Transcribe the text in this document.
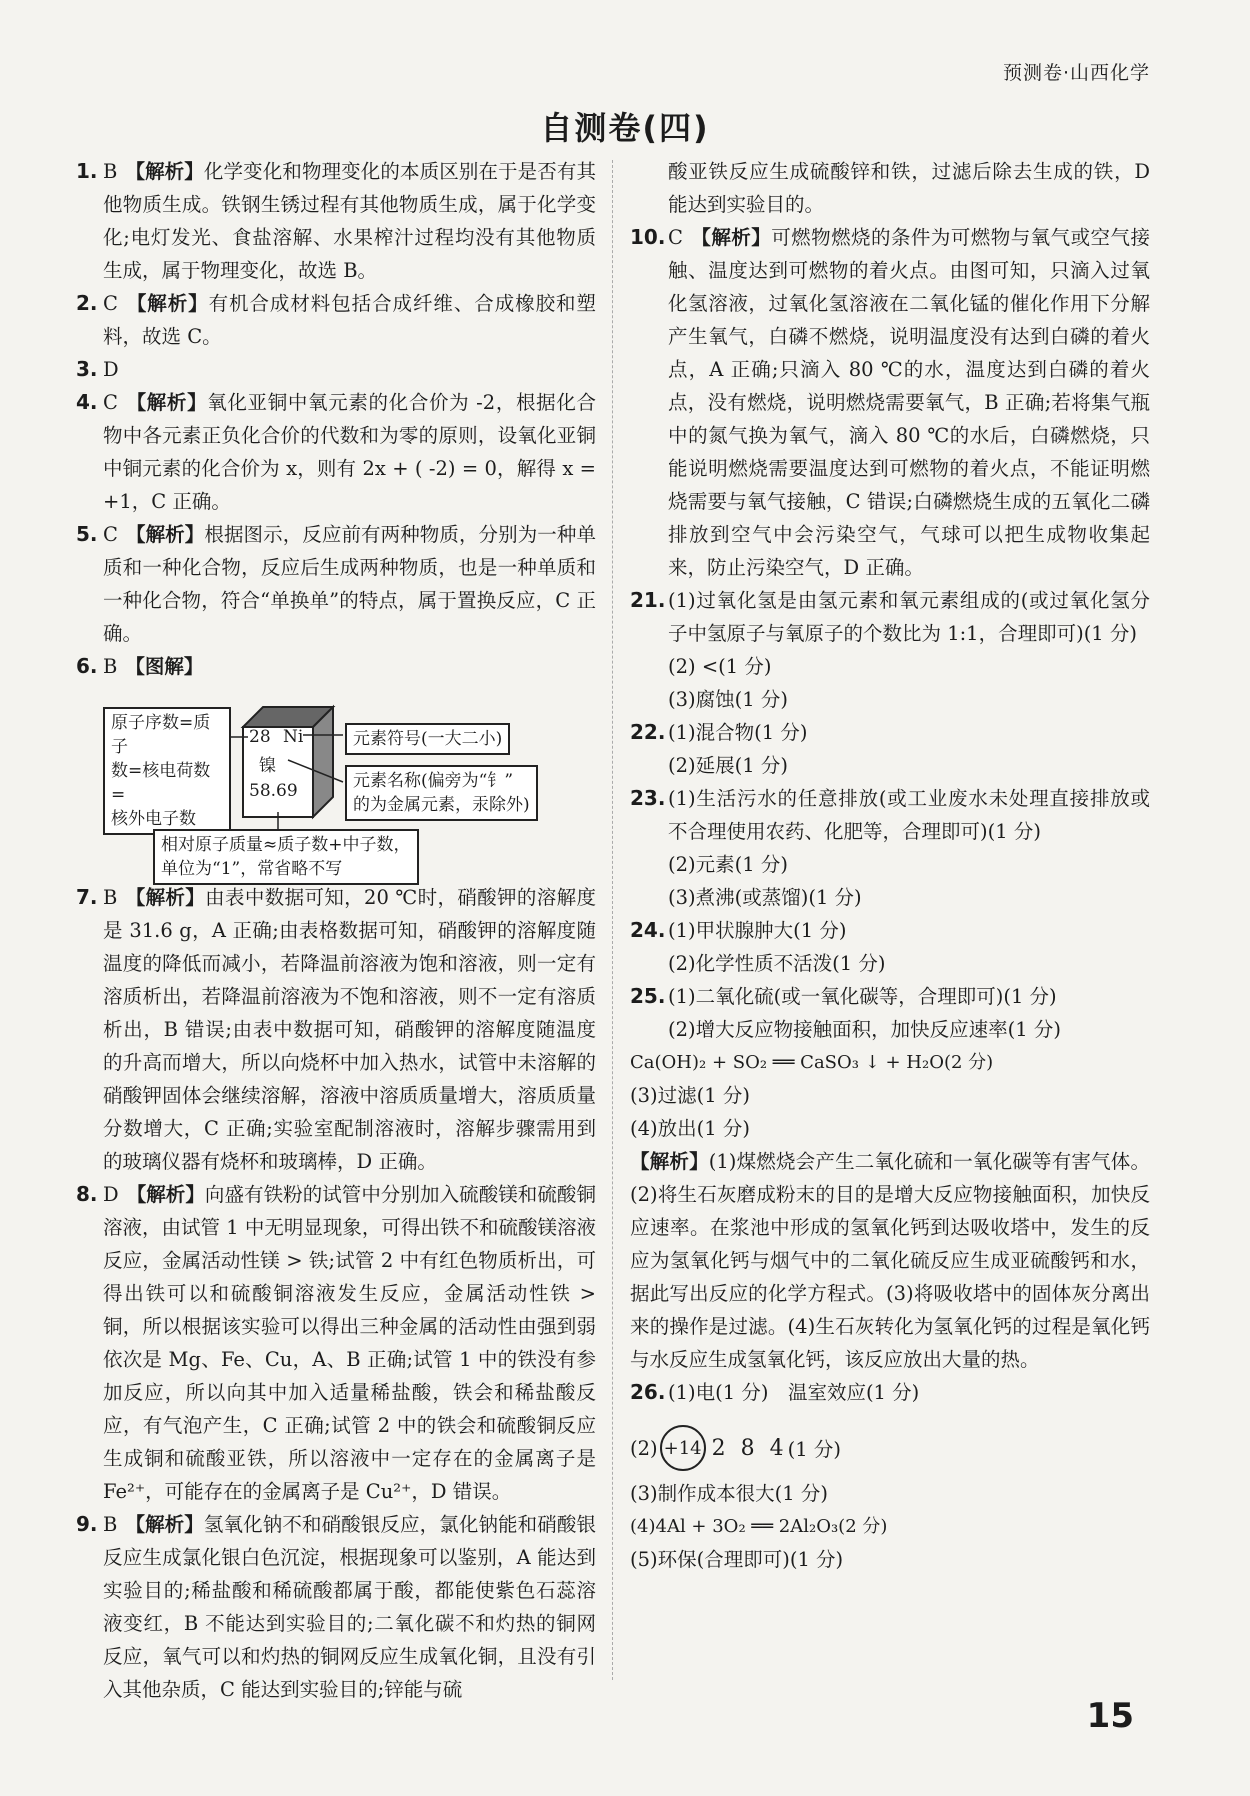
预测卷·山西化学
自测卷(四)
1. B 【解析】化学变化和物理变化的本质区别在于是否有其他物质生成。铁钢生锈过程有其他物质生成，属于化学变化;电灯发光、食盐溶解、水果榨汁过程均没有其他物质生成，属于物理变化，故选 B。
2. C 【解析】有机合成材料包括合成纤维、合成橡胶和塑料，故选 C。
3. D
4. C 【解析】氧化亚铜中氧元素的化合价为 -2，根据化合物中各元素正负化合价的代数和为零的原则，设氧化亚铜中铜元素的化合价为 x，则有 2x + ( -2) = 0，解得 x = +1，C 正确。
5. C 【解析】根据图示，反应前有两种物质，分别为一种单质和一种化合物，反应后生成两种物质，也是一种单质和一种化合物，符合“单换单”的特点，属于置换反应，C 正确。
6. B 【图解】
原子序数=质子
数=核电荷数=
核外电子数
28 Ni
镍
58.69
元素符号(一大二小)
元素名称(偏旁为“钅”
的为金属元素，汞除外)
相对原子质量≈质子数+中子数，
单位为“1”，常省略不写
7. B 【解析】由表中数据可知，20 ℃时，硝酸钾的溶解度是 31.6 g，A 正确;由表格数据可知，硝酸钾的溶解度随温度的降低而减小，若降温前溶液为饱和溶液，则一定有溶质析出，若降温前溶液为不饱和溶液，则不一定有溶质析出，B 错误;由表中数据可知，硝酸钾的溶解度随温度的升高而增大，所以向烧杯中加入热水，试管中未溶解的硝酸钾固体会继续溶解，溶液中溶质质量增大，溶质质量分数增大，C 正确;实验室配制溶液时，溶解步骤需用到的玻璃仪器有烧杯和玻璃棒，D 正确。
8. D 【解析】向盛有铁粉的试管中分别加入硫酸镁和硫酸铜溶液，由试管 1 中无明显现象，可得出铁不和硫酸镁溶液反应，金属活动性镁 > 铁;试管 2 中有红色物质析出，可得出铁可以和硫酸铜溶液发生反应，金属活动性铁 > 铜，所以根据该实验可以得出三种金属的活动性由强到弱依次是 Mg、Fe、Cu，A、B 正确;试管 1 中的铁没有参加反应，所以向其中加入适量稀盐酸，铁会和稀盐酸反应，有气泡产生，C 正确;试管 2 中的铁会和硫酸铜反应生成铜和硫酸亚铁，所以溶液中一定存在的金属离子是 Fe²⁺，可能存在的金属离子是 Cu²⁺，D 错误。
9. B 【解析】氢氧化钠不和硝酸银反应，氯化钠能和硝酸银反应生成氯化银白色沉淀，根据现象可以鉴别，A 能达到实验目的;稀盐酸和稀硫酸都属于酸，都能使紫色石蕊溶液变红，B 不能达到实验目的;二氧化碳不和灼热的铜网反应，氧气可以和灼热的铜网反应生成氧化铜，且没有引入其他杂质，C 能达到实验目的;锌能与硫
酸亚铁反应生成硫酸锌和铁，过滤后除去生成的铁，D 能达到实验目的。
10. C 【解析】可燃物燃烧的条件为可燃物与氧气或空气接触、温度达到可燃物的着火点。由图可知，只滴入过氧化氢溶液，过氧化氢溶液在二氧化锰的催化作用下分解产生氧气，白磷不燃烧，说明温度没有达到白磷的着火点，A 正确;只滴入 80 ℃的水，温度达到白磷的着火点，没有燃烧，说明燃烧需要氧气，B 正确;若将集气瓶中的氮气换为氧气，滴入 80 ℃的水后，白磷燃烧，只能说明燃烧需要温度达到可燃物的着火点，不能证明燃烧需要与氧气接触，C 错误;白磷燃烧生成的五氧化二磷排放到空气中会污染空气，气球可以把生成物收集起来，防止污染空气，D 正确。
21. (1)过氧化氢是由氢元素和氧元素组成的(或过氧化氢分子中氢原子与氧原子的个数比为 1:1，合理即可)(1 分)
(2) <(1 分)
(3)腐蚀(1 分)
22. (1)混合物(1 分)
(2)延展(1 分)
23. (1)生活污水的任意排放(或工业废水未处理直接排放或不合理使用农药、化肥等，合理即可)(1 分)
(2)元素(1 分)
(3)煮沸(或蒸馏)(1 分)
24. (1)甲状腺肿大(1 分)
(2)化学性质不活泼(1 分)
25. (1)二氧化硫(或一氧化碳等，合理即可)(1 分)
(2)增大反应物接触面积，加快反应速率(1 分)
Ca(OH)₂ + SO₂ ══ CaSO₃ ↓ + H₂O(2 分)
(3)过滤(1 分)
(4)放出(1 分)
【解析】(1)煤燃烧会产生二氧化硫和一氧化碳等有害气体。(2)将生石灰磨成粉末的目的是增大反应物接触面积，加快反应速率。在浆池中形成的氢氧化钙到达吸收塔中，发生的反应为氢氧化钙与烟气中的二氧化硫反应生成亚硫酸钙和水，据此写出反应的化学方程式。(3)将吸收塔中的固体灰分离出来的操作是过滤。(4)生石灰转化为氢氧化钙的过程是氧化钙与水反应生成氢氧化钙，该反应放出大量的热。
26. (1)电(1 分)　温室效应(1 分)
(2) +14 2 8 4 (1 分)
(3)制作成本很大(1 分)
(4)4Al + 3O₂ ══ 2Al₂O₃(2 分)
(5)环保(合理即可)(1 分)
15
